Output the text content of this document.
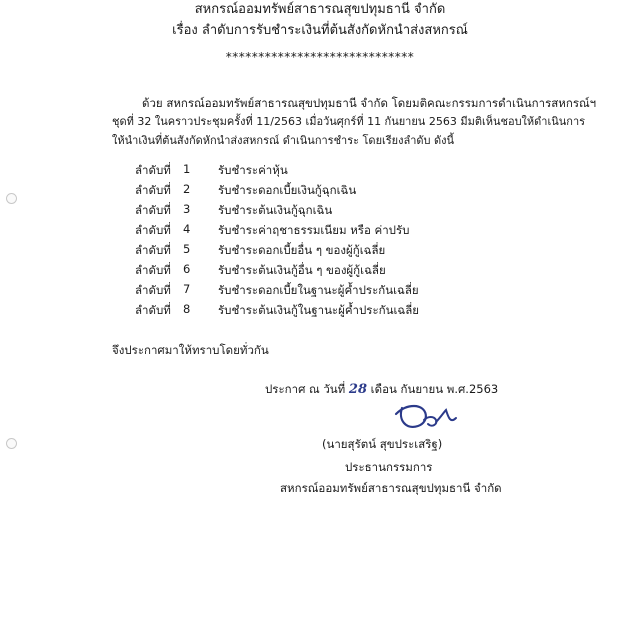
สหกรณ์ออมทรัพย์สาธารณสุขปทุมธานี จำกัด
เรื่อง ลำดับการรับชำระเงินที่ต้นสังกัดหักนำส่งสหกรณ์
*****************************
ด้วย สหกรณ์ออมทรัพย์สาธารณสุขปทุมธานี จำกัด โดยมติคณะกรรมการดำเนินการสหกรณ์ฯ
ชุดที่ 32 ในคราวประชุมครั้งที่ 11/2563 เมื่อวันศุกร์ที่ 11 กันยายน 2563 มีมติเห็นชอบให้ดำเนินการ
ให้นำเงินที่ต้นสังกัดหักนำส่งสหกรณ์ ดำเนินการชำระ โดยเรียงลำดับ ดังนี้
ลำดับที่ 1 รับชำระค่าหุ้น
ลำดับที่ 2 รับชำระดอกเบี้ยเงินกู้ฉุกเฉิน
ลำดับที่ 3 รับชำระต้นเงินกู้ฉุกเฉิน
ลำดับที่ 4 รับชำระค่าฤชาธรรมเนียม หรือ ค่าปรับ
ลำดับที่ 5 รับชำระดอกเบี้ยอื่น ๆ ของผู้กู้เฉลี่ย
ลำดับที่ 6 รับชำระต้นเงินกู้อื่น ๆ ของผู้กู้เฉลี่ย
ลำดับที่ 7 รับชำระดอกเบี้ยในฐานะผู้ค้ำประกันเฉลี่ย
ลำดับที่ 8 รับชำระต้นเงินกู้ในฐานะผู้ค้ำประกันเฉลี่ย
จึงประกาศมาให้ทราบโดยทั่วกัน
ประกาศ ณ วันที่ 28 เดือน กันยายน พ.ศ.2563
(นายสุรัตน์ สุขประเสริฐ)
ประธานกรรมการ
สหกรณ์ออมทรัพย์สาธารณสุขปทุมธานี จำกัด
